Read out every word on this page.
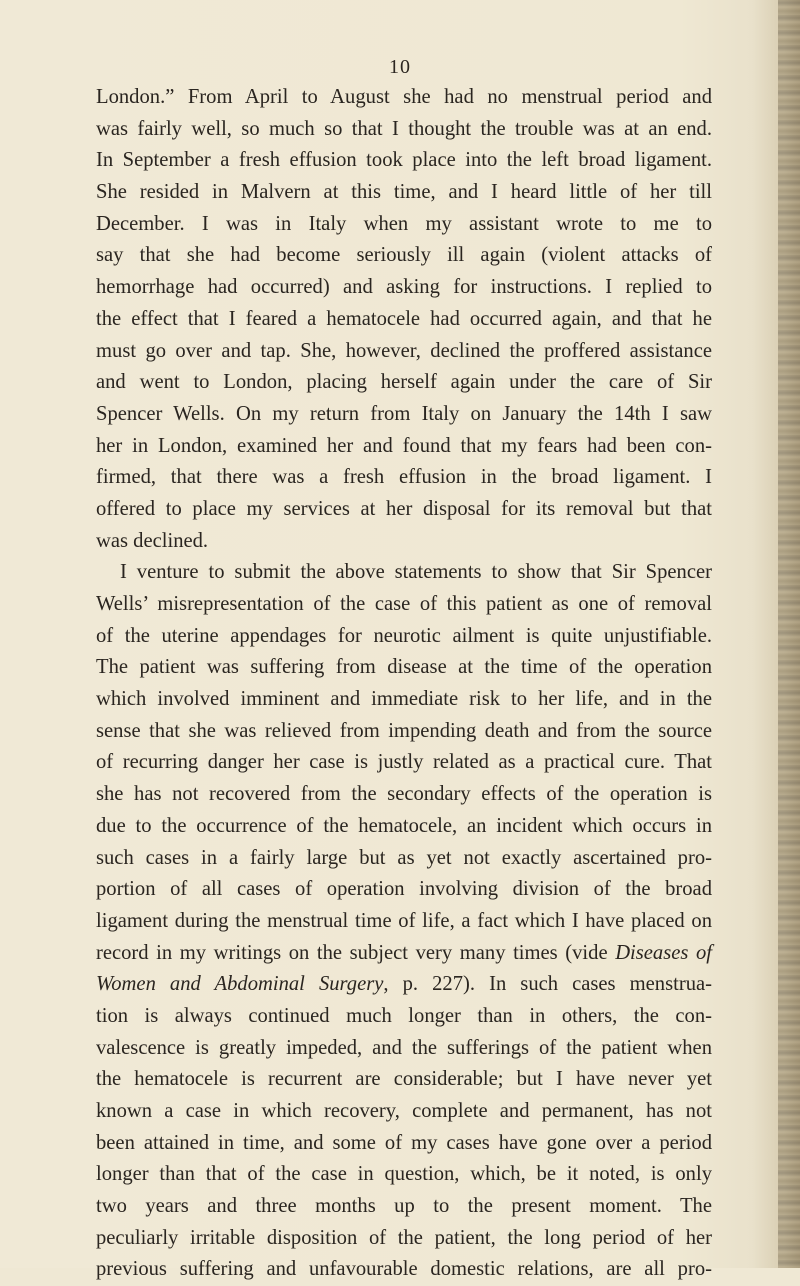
10
London.” From April to August she had no menstrual period and
was fairly well, so much so that I thought the trouble was at an end.
In September a fresh effusion took place into the left broad ligament.
She resided in Malvern at this time, and I heard little of her till
December. I was in Italy when my assistant wrote to me to
say that she had become seriously ill again (violent attacks of
hemorrhage had occurred) and asking for instructions. I replied to
the effect that I feared a hematocele had occurred again, and that he
must go over and tap. She, however, declined the proffered assistance
and went to London, placing herself again under the care of Sir
Spencer Wells. On my return from Italy on January the 14th I saw
her in London, examined her and found that my fears had been con-
firmed, that there was a fresh effusion in the broad ligament. I
offered to place my services at her disposal for its removal but that
was declined.
I venture to submit the above statements to show that Sir Spencer
Wells’ misrepresentation of the case of this patient as one of removal
of the uterine appendages for neurotic ailment is quite unjustifiable.
The patient was suffering from disease at the time of the operation
which involved imminent and immediate risk to her life, and in the
sense that she was relieved from impending death and from the source
of recurring danger her case is justly related as a practical cure. That
she has not recovered from the secondary effects of the operation is
due to the occurrence of the hematocele, an incident which occurs in
such cases in a fairly large but as yet not exactly ascertained pro-
portion of all cases of operation involving division of the broad
ligament during the menstrual time of life, a fact which I have placed on
record in my writings on the subject very many times (vide Diseases of
Women and Abdominal Surgery, p. 227). In such cases menstrua-
tion is always continued much longer than in others, the con-
valescence is greatly impeded, and the sufferings of the patient when
the hematocele is recurrent are considerable; but I have never yet
known a case in which recovery, complete and permanent, has not
been attained in time, and some of my cases have gone over a period
longer than that of the case in question, which, be it noted, is only
two years and three months up to the present moment. The
peculiarly irritable disposition of the patient, the long period of her
previous suffering and unfavourable domestic relations, are all pro-
